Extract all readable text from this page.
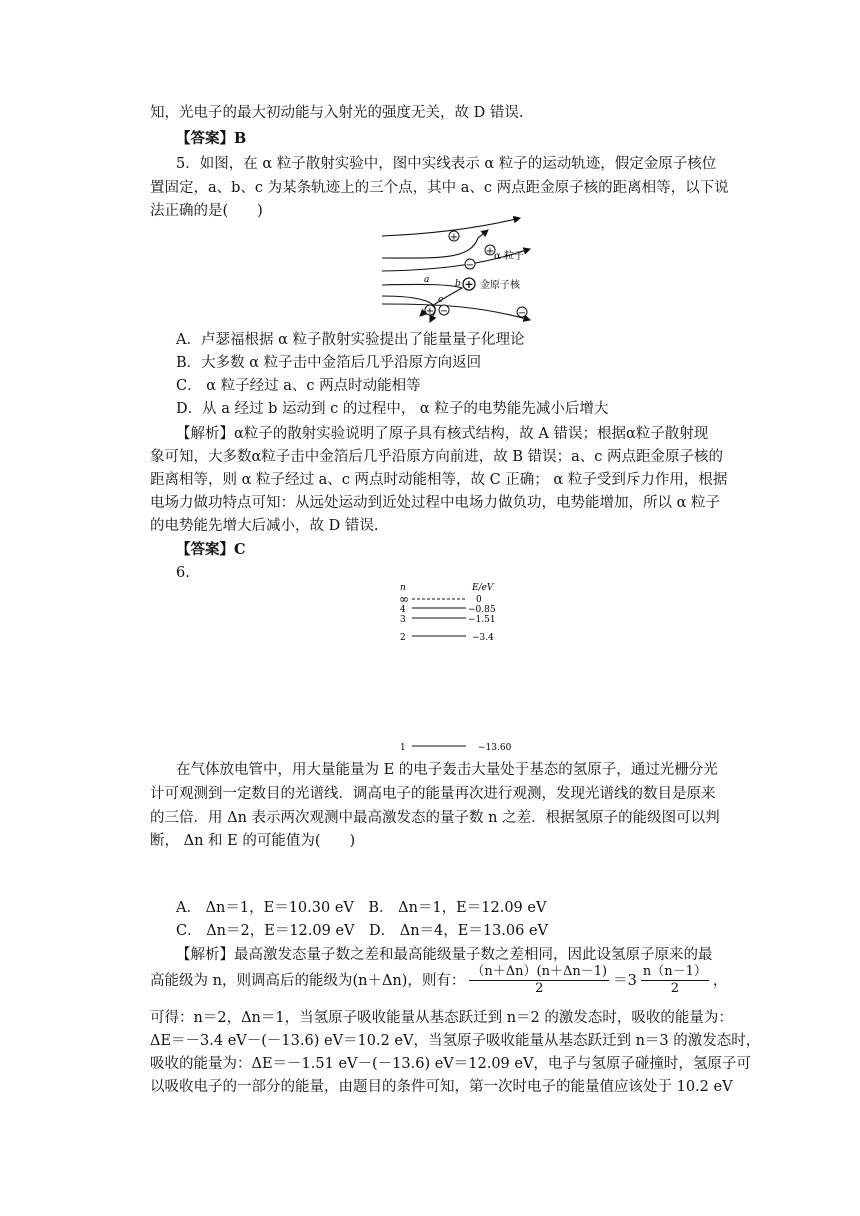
知，光电子的最大初动能与入射光的强度无关，故 D 错误.
【答案】B
5．如图，在 α 粒子散射实验中，图中实线表示 α 粒子的运动轨迹，假定金原子核位
置固定，a、b、c 为某条轨迹上的三个点，其中 a、c 两点距金原子核的距离相等，以下说
法正确的是(　　)
+
+
−
+
+ −	−
a	b
c
α 粒子
金原子核
A．卢瑟福根据 α 粒子散射实验提出了能量量子化理论
B．大多数 α 粒子击中金箔后几乎沿原方向返回
C． α 粒子经过 a、c 两点时动能相等
D．从 a 经过 b 运动到 c 的过程中， α 粒子的电势能先减小后增大
【解析】α粒子的散射实验说明了原子具有核式结构，故 A 错误；根据α粒子散射现
象可知，大多数α粒子击中金箔后几乎沿原方向前进，故 B 错误；a、c 两点距金原子核的
距离相等，则 α 粒子经过 a、c 两点时动能相等，故 C 正确； α 粒子受到斥力作用，根据
电场力做功特点可知：从远处运动到近处过程中电场力做负功，电势能增加，所以 α 粒子
的电势能先增大后减小，故 D 错误.
【答案】C
6.
n	E/eV
∞	0
4	−0.85
3	−1.51
2	−3.4
1	−13.60
在气体放电管中，用大量能量为 E 的电子轰击大量处于基态的氢原子，通过光栅分光
计可观测到一定数目的光谱线．调高电子的能量再次进行观测，发现光谱线的数目是原来
的三倍．用 Δn 表示两次观测中最高激发态的量子数 n 之差．根据氢原子的能级图可以判
断， Δn 和 E 的可能值为(　　)
A． Δn＝1，E＝10.30 eV　B． Δn＝1，E＝12.09 eV
C． Δn＝2，E＝12.09 eV　D． Δn＝4，E＝13.06 eV
【解析】最高激发态量子数之差和最高能级量子数之差相同，因此设氢原子原来的最
高能级为 n，则调高后的能级为(n＋Δn)，则有： $\frac{(n+\Delta n)(n+\Delta n-1)}{2} =3 \frac{n(n-1)}{2}$ ，
可得：n＝2，Δn＝1，当氢原子吸收能量从基态跃迁到 n＝2 的激发态时，吸收的能量为：
ΔE＝－3.4 eV－(－13.6) eV＝10.2 eV，当氢原子吸收能量从基态跃迁到 n＝3 的激发态时，
吸收的能量为：ΔE＝－1.51 eV－(－13.6) eV＝12.09 eV，电子与氢原子碰撞时，氢原子可
以吸收电子的一部分的能量，由题目的条件可知，第一次时电子的能量值应该处于 10.2 eV
